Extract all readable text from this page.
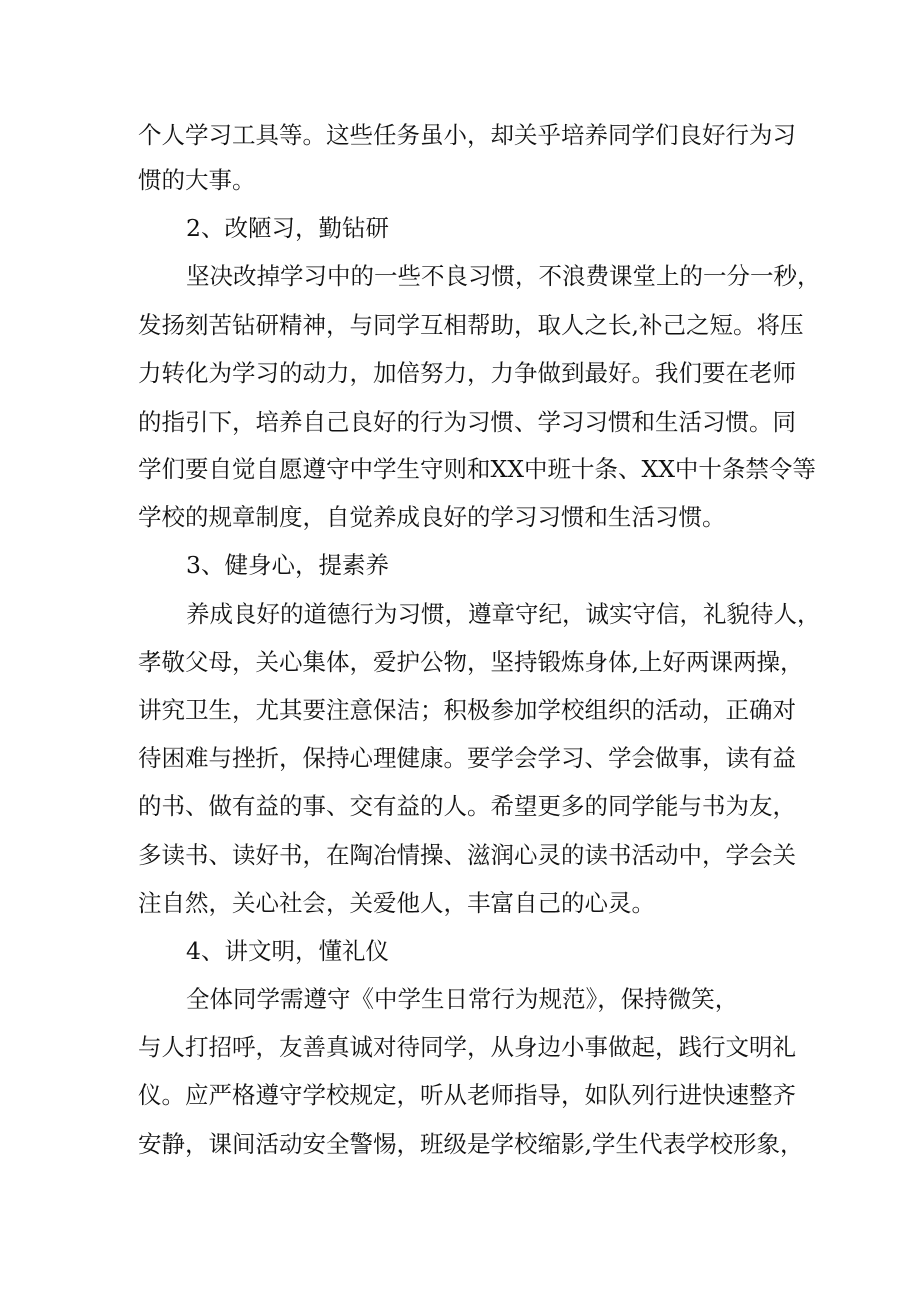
个人学习工具等。这些任务虽小，却关乎培养同学们良好行为习
惯的大事。
2、改陋习，勤钻研
坚决改掉学习中的一些不良习惯，不浪费课堂上的一分一秒，
发扬刻苦钻研精神，与同学互相帮助，取人之长,补己之短。将压
力转化为学习的动力，加倍努力，力争做到最好。我们要在老师
的指引下，培养自己良好的行为习惯、学习习惯和生活习惯。同
学们要自觉自愿遵守中学生守则和XX中班十条、XX中十条禁令等
学校的规章制度，自觉养成良好的学习习惯和生活习惯。
3、健身心，提素养
养成良好的道德行为习惯，遵章守纪，诚实守信，礼貌待人，
孝敬父母，关心集体，爱护公物，坚持锻炼身体,上好两课两操，
讲究卫生，尤其要注意保洁；积极参加学校组织的活动，正确对
待困难与挫折，保持心理健康。要学会学习、学会做事，读有益
的书、做有益的事、交有益的人。希望更多的同学能与书为友，
多读书、读好书，在陶冶情操、滋润心灵的读书活动中，学会关
注自然，关心社会，关爱他人，丰富自己的心灵。
4、讲文明，懂礼仪
全体同学需遵守《中学生日常行为规范》，保持微笑，
与人打招呼，友善真诚对待同学，从身边小事做起，践行文明礼
仪。应严格遵守学校规定，听从老师指导，如队列行进快速整齐
安静，课间活动安全警惕，班级是学校缩影,学生代表学校形象，
